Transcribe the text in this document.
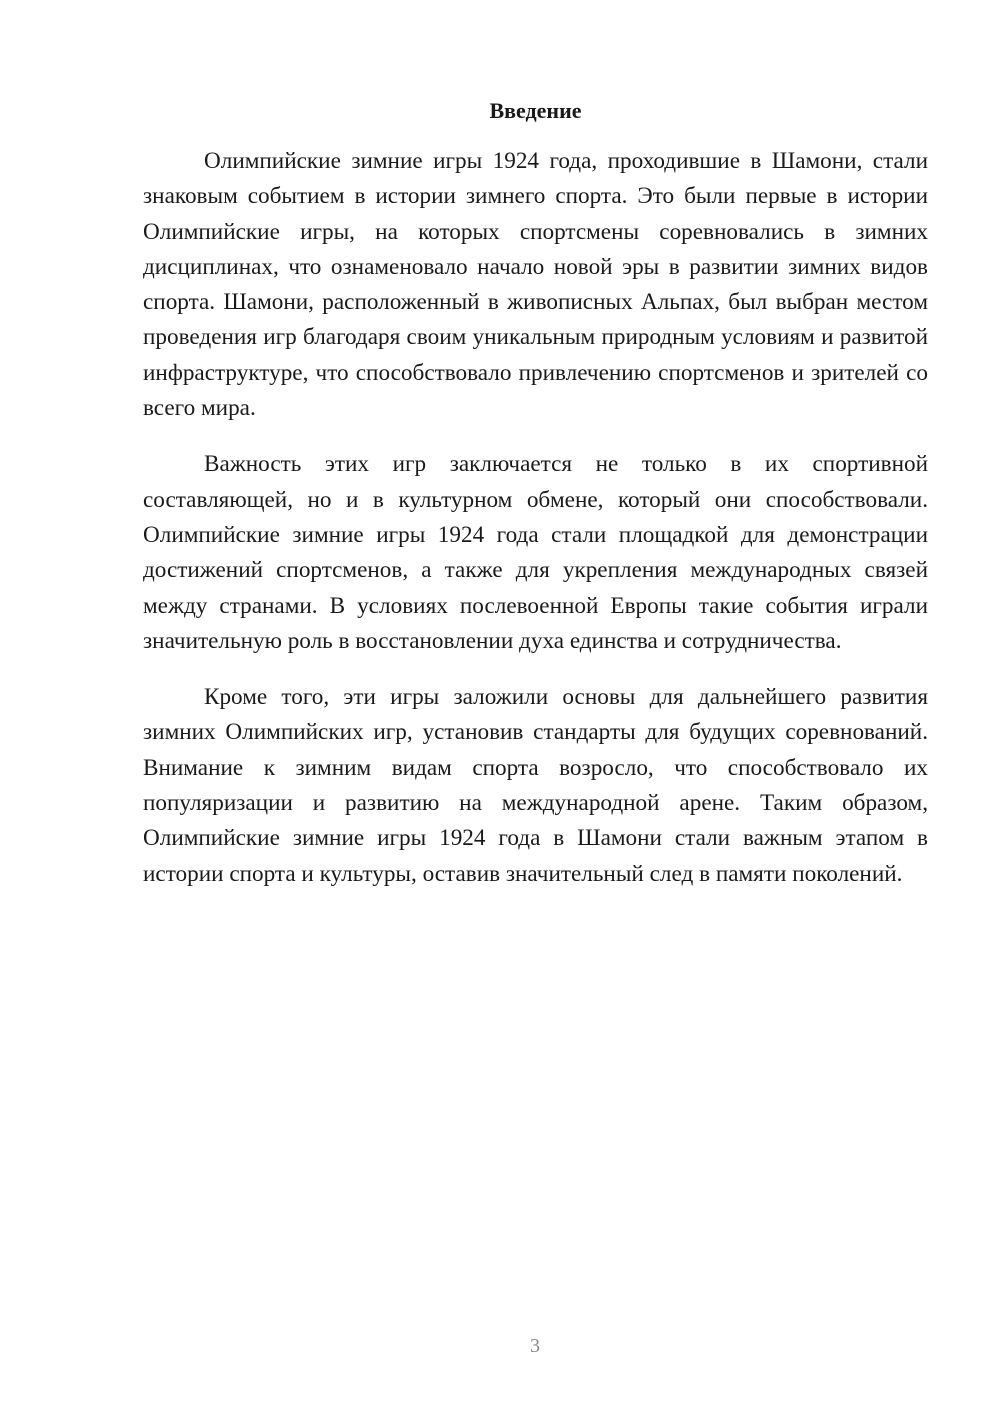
Введение

Олимпийские зимние игры 1924 года, проходившие в Шамони, стали знаковым событием в истории зимнего спорта. Это были первые в истории Олимпийские игры, на которых спортсмены соревновались в зимних дисциплинах, что ознаменовало начало новой эры в развитии зимних видов спорта. Шамони, расположенный в живописных Альпах, был выбран местом проведения игр благодаря своим уникальным природным условиям и развитой инфраструктуре, что способствовало привлечению спортсменов и зрителей со всего мира.

Важность этих игр заключается не только в их спортивной составляющей, но и в культурном обмене, который они способствовали. Олимпийские зимние игры 1924 года стали площадкой для демонстрации достижений спортсменов, а также для укрепления международных связей между странами. В условиях послевоенной Европы такие события играли значительную роль в восстановлении духа единства и сотрудничества.

Кроме того, эти игры заложили основы для дальнейшего развития зимних Олимпийских игр, установив стандарты для будущих соревнований. Внимание к зимним видам спорта возросло, что способствовало их популяризации и развитию на международной арене. Таким образом, Олимпийские зимние игры 1924 года в Шамони стали важным этапом в истории спорта и культуры, оставив значительный след в памяти поколений.

3
